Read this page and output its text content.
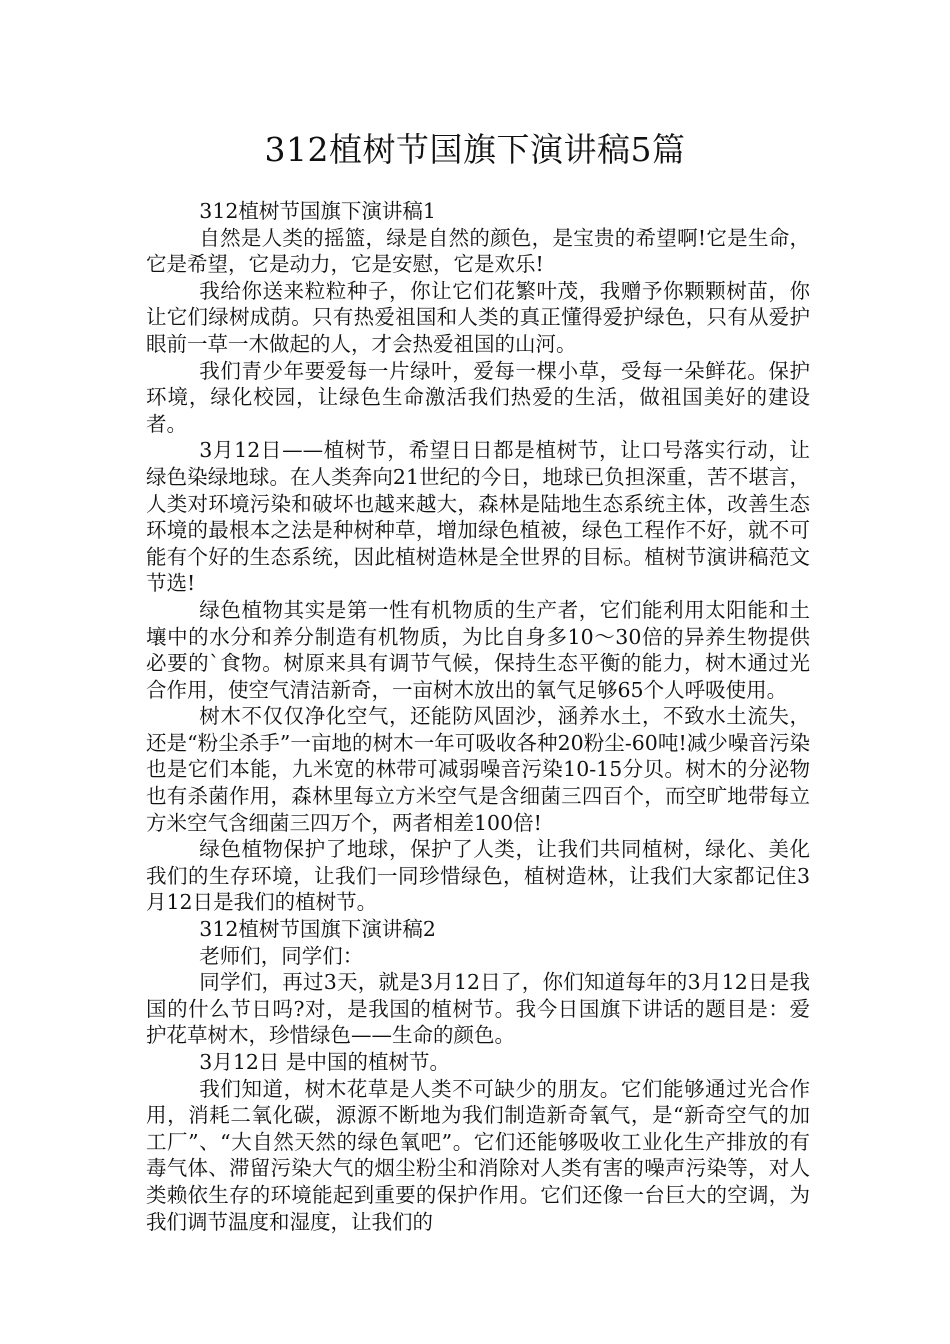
312植树节国旗下演讲稿5篇

312植树节国旗下演讲稿1

自然是人类的摇篮，绿是自然的颜色，是宝贵的希望啊!它是生命，它是希望，它是动力，它是安慰，它是欢乐!

我给你送来粒粒种子，你让它们花繁叶茂，我赠予你颗颗树苗，你让它们绿树成荫。只有热爱祖国和人类的真正懂得爱护绿色，只有从爱护眼前一草一木做起的人，才会热爱祖国的山河。

我们青少年要爱每一片绿叶，爱每一棵小草，受每一朵鲜花。保护环境，绿化校园，让绿色生命激活我们热爱的生活，做祖国美好的建设者。

3月12日——植树节，希望日日都是植树节，让口号落实行动，让绿色染绿地球。在人类奔向21世纪的今日，地球已负担深重，苦不堪言，人类对环境污染和破坏也越来越大，森林是陆地生态系统主体，改善生态环境的最根本之法是种树种草，增加绿色植被，绿色工程作不好，就不可能有个好的生态系统，因此植树造林是全世界的目标。植树节演讲稿范文节选!

绿色植物其实是第一性有机物质的生产者，它们能利用太阳能和土壤中的水分和养分制造有机物质，为比自身多10～30倍的异养生物提供必要的`食物。树原来具有调节气候，保持生态平衡的能力，树木通过光合作用，使空气清洁新奇，一亩树木放出的氧气足够65个人呼吸使用。

树木不仅仅净化空气，还能防风固沙，涵养水土，不致水土流失，还是“粉尘杀手”一亩地的树木一年可吸收各种20粉尘-60吨!减少噪音污染也是它们本能，九米宽的林带可减弱噪音污染10-15分贝。树木的分泌物也有杀菌作用，森林里每立方米空气是含细菌三四百个，而空旷地带每立方米空气含细菌三四万个，两者相差100倍!

绿色植物保护了地球，保护了人类，让我们共同植树，绿化、美化我们的生存环境，让我们一同珍惜绿色，植树造林，让我们大家都记住3月12日是我们的植树节。

312植树节国旗下演讲稿2

老师们，同学们：

同学们，再过3天，就是3月12日了，你们知道每年的3月12日是我国的什么节日吗?对，是我国的植树节。我今日国旗下讲话的题目是：爱护花草树木，珍惜绿色——生命的颜色。

3月12日 是中国的植树节。

我们知道，树木花草是人类不可缺少的朋友。它们能够通过光合作用，消耗二氧化碳，源源不断地为我们制造新奇氧气，是“新奇空气的加工厂”、“大自然天然的绿色氧吧”。它们还能够吸收工业化生产排放的有毒气体、滞留污染大气的烟尘粉尘和消除对人类有害的噪声污染等，对人类赖依生存的环境能起到重要的保护作用。它们还像一台巨大的空调，为我们调节温度和湿度，让我们的
